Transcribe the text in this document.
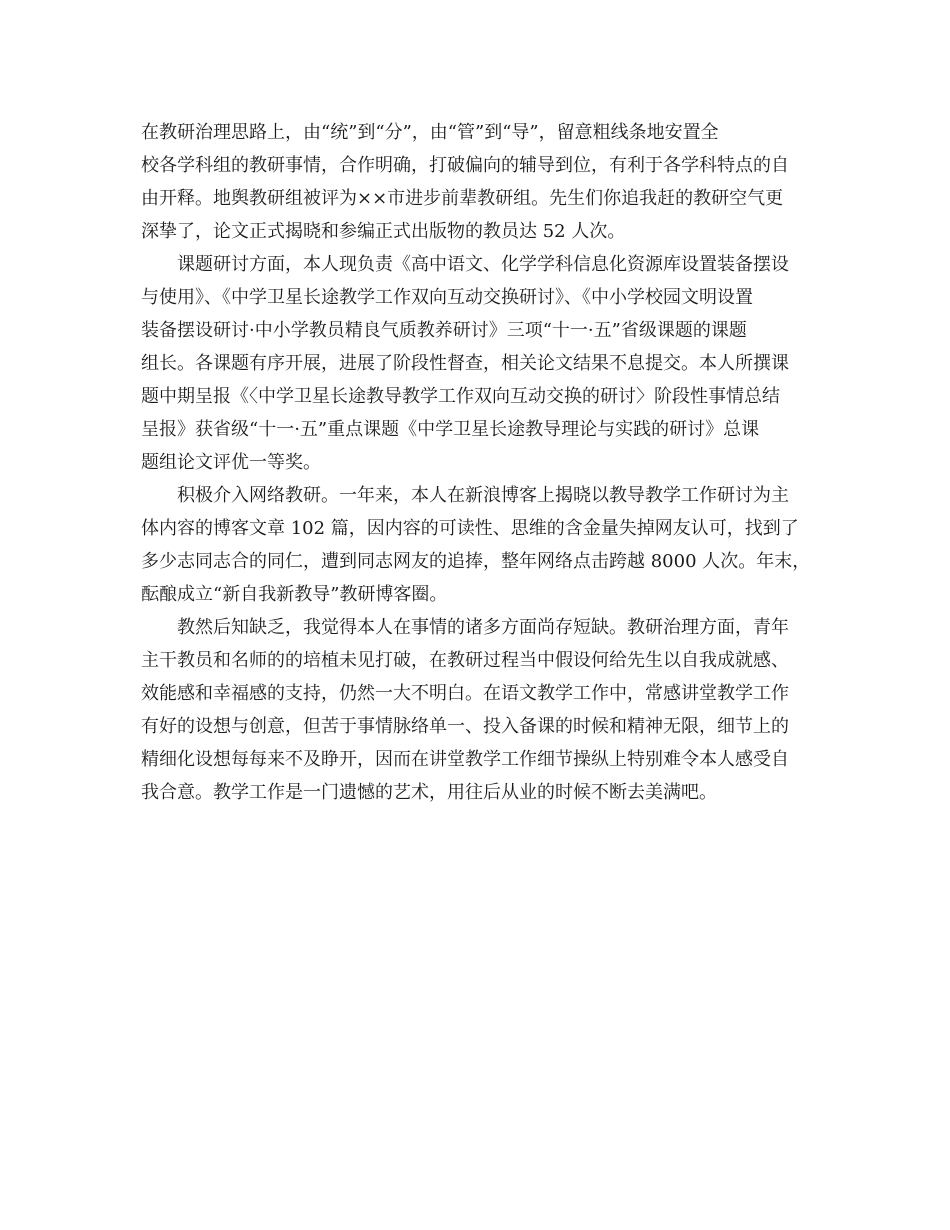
在教研治理思路上，由“统”到“分”，由“管”到“导”，留意粗线条地安置全
校各学科组的教研事情，合作明确，打破偏向的辅导到位，有利于各学科特点的自
由开释。地舆教研组被评为××市进步前辈教研组。先生们你追我赶的教研空气更
深挚了，论文正式揭晓和参编正式出版物的教员达 52 人次。
课题研讨方面，本人现负责《高中语文、化学学科信息化资源库设置装备摆设
与使用》、《中学卫星长途教学工作双向互动交换研讨》、《中小学校园文明设置
装备摆设研讨·中小学教员精良气质教养研讨》三项“十一·五”省级课题的课题
组长。各课题有序开展，进展了阶段性督查，相关论文结果不息提交。本人所撰课
题中期呈报《〈中学卫星长途教导教学工作双向互动交换的研讨〉阶段性事情总结
呈报》获省级“十一·五”重点课题《中学卫星长途教导理论与实践的研讨》总课
题组论文评优一等奖。
积极介入网络教研。一年来，本人在新浪博客上揭晓以教导教学工作研讨为主
体内容的博客文章 102 篇，因内容的可读性、思维的含金量失掉网友认可，找到了
多少志同志合的同仁，遭到同志网友的追捧，整年网络点击跨越 8000 人次。年末，
酝酿成立“新自我新教导”教研博客圈。
教然后知缺乏，我觉得本人在事情的诸多方面尚存短缺。教研治理方面，青年
主干教员和名师的的培植未见打破，在教研过程当中假设何给先生以自我成就感、
效能感和幸福感的支持，仍然一大不明白。在语文教学工作中，常感讲堂教学工作
有好的设想与创意，但苦于事情脉络单一、投入备课的时候和精神无限，细节上的
精细化设想每每来不及睁开，因而在讲堂教学工作细节操纵上特别难令本人感受自
我合意。教学工作是一门遗憾的艺术，用往后从业的时候不断去美满吧。
